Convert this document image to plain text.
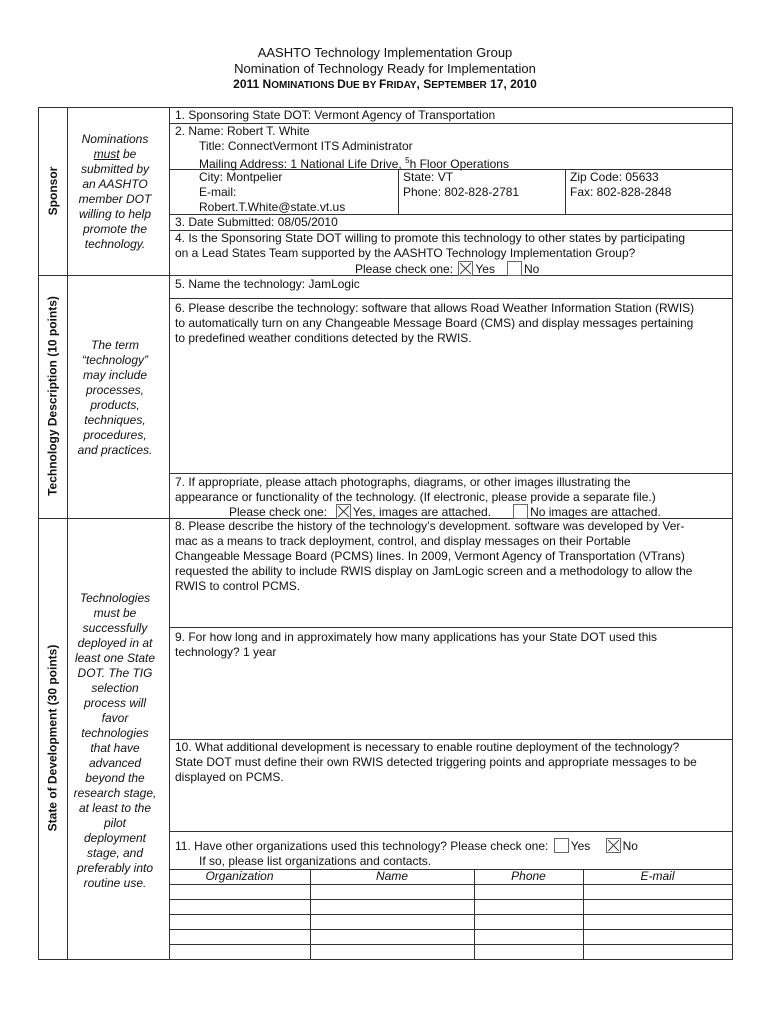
AASHTO Technology Implementation Group
Nomination of Technology Ready for Implementation
2011 NOMINATIONS DUE BY FRIDAY, SEPTEMBER 17, 2010
Sponsor
Technology Description (10 points)
State of Development (30 points)
Nominations
must be
submitted by
an AASHTO
member DOT
willing to help
promote the
technology.
The term
“technology”
may include
processes,
products,
techniques,
procedures,
and practices.
Technologies
must be
successfully
deployed in at
least one State
DOT. The TIG
selection
process will
favor
technologies
that have
advanced
beyond the
research stage,
at least to the
pilot
deployment
stage, and
preferably into
routine use.
1. Sponsoring State DOT: Vermont Agency of Transportation
2. Name: Robert T. White
Title: ConnectVermont ITS Administrator
Mailing Address: 1 National Life Drive, $^5$h Floor Operations
City: Montpelier	State: VT	Zip Code: 05633
E-mail:
Robert.T.White@state.vt.us
Phone: 802-828-2781	Fax: 802-828-2848
3. Date Submitted: 08/05/2010
4. Is the Sponsoring State DOT willing to promote this technology to other states by participating
on a Lead States Team supported by the AASHTO Technology Implementation Group?
Please check one: Yes No
5. Name the technology: JamLogic
6. Please describe the technology: software that allows Road Weather Information Station (RWIS)
to automatically turn on any Changeable Message Board (CMS) and display messages pertaining
to predefined weather conditions detected by the RWIS.
7. If appropriate, please attach photographs, diagrams, or other images illustrating the
appearance or functionality of the technology. (If electronic, please provide a separate file.)
Please check one: Yes, images are attached.	No images are attached.
8. Please describe the history of the technology’s development. software was developed by Ver-
mac as a means to track deployment, control, and display messages on their Portable
Changeable Message Board (PCMS) lines. In 2009, Vermont Agency of Transportation (VTrans)
requested the ability to include RWIS display on JamLogic screen and a methodology to allow the
RWIS to control PCMS.
9. For how long and in approximately how many applications has your State DOT used this
technology? 1 year
10. What additional development is necessary to enable routine deployment of the technology?
State DOT must define their own RWIS detected triggering points and appropriate messages to be
displayed on PCMS.
11. Have other organizations used this technology? Please check one: Yes	No
If so, please list organizations and contacts.
Organization	Name	Phone	E-mail
